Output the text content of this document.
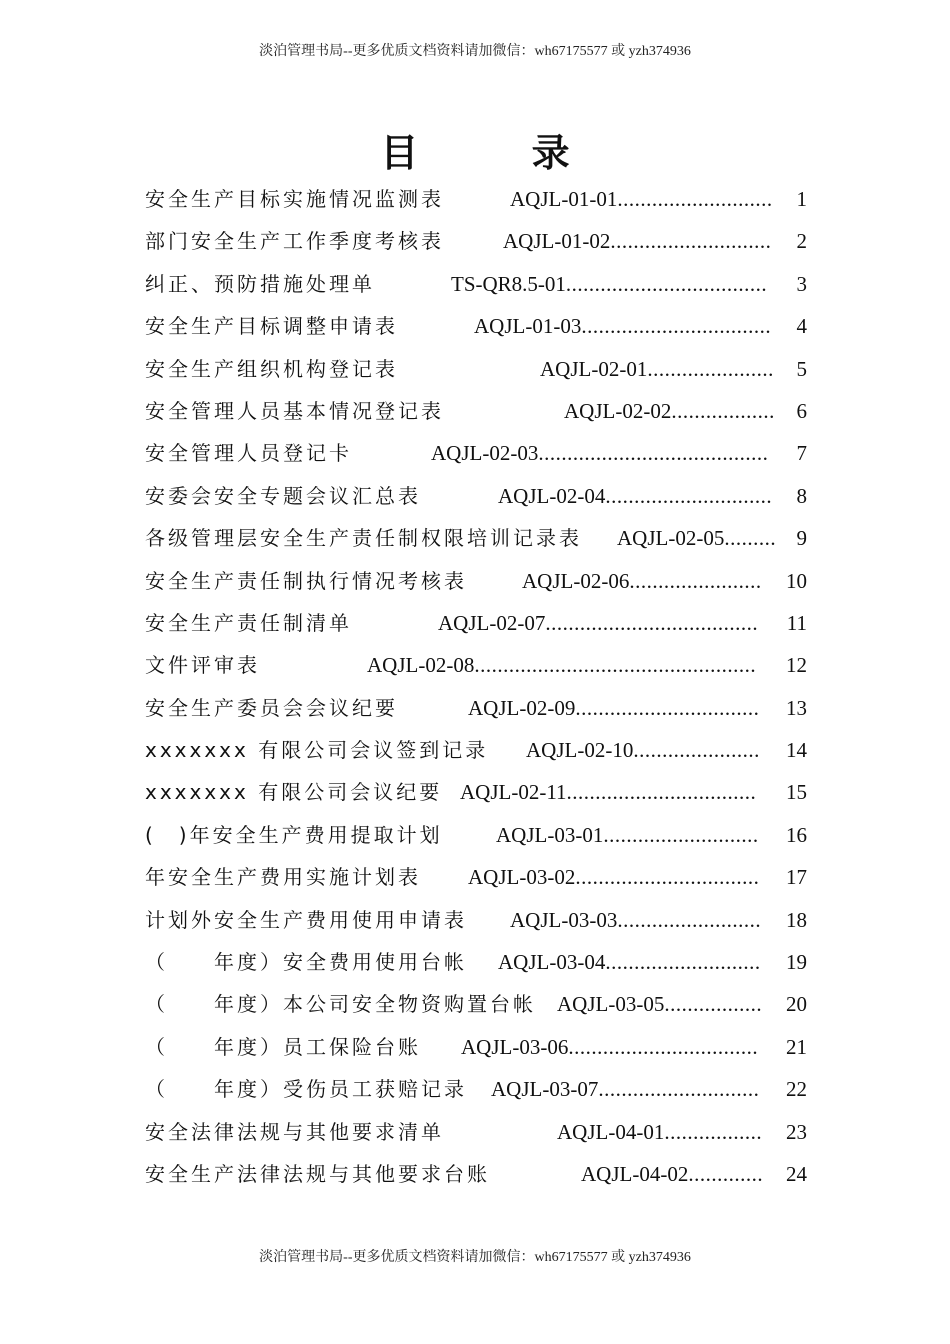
淡泊管理书局--更多优质文档资料请加微信：wh67175577 或 yzh374936
目 录
安全生产目标实施情况监测表	AQJL-01-01 ...........................	1
部门安全生产工作季度考核表	AQJL-01-02 ............................	2
纠正、预防措施处理单	TS-QR8.5-01 ...................................	3
安全生产目标调整申请表	AQJL-01-03 .................................	4
安全生产组织机构登记表	AQJL-02-01 ......................	5
安全管理人员基本情况登记表	AQJL-02-02 ..................	6
安全管理人员登记卡	AQJL-02-03 ........................................	7
安委会安全专题会议汇总表	AQJL-02-04 .............................	8
各级管理层安全生产责任制权限培训记录表 AQJL-02-05 ......... 9
安全生产责任制执行情况考核表	AQJL-02-06 .......................	10
安全生产责任制清单	AQJL-02-07 .....................................	11
文件评审表	AQJL-02-08 .................................................	12
安全生产委员会会议纪要	AQJL-02-09 ................................	13
xxxxxxx 有限公司会议签到记录 AQJL-02-10 ......................	14
xxxxxxx 有限公司会议纪要 AQJL-02-11 .................................	15
(　)年安全生产费用提取计划	AQJL-03-01 ...........................	16
年安全生产费用实施计划表 AQJL-03-02 ................................	17
计划外安全生产费用使用申请表 AQJL-03-03 .........................	18
（　　年度）安全费用使用台帐 AQJL-03-04 ...........................	19
（　　年度）本公司安全物资购置台帐 AQJL-03-05 .................	20
（　　年度）员工保险台账 AQJL-03-06 .................................	21
（　　年度）受伤员工获赔记录 AQJL-03-07 ............................	22
安全法律法规与其他要求清单	AQJL-04-01 .................	23
安全生产法律法规与其他要求台账	AQJL-04-02 .............	24
淡泊管理书局--更多优质文档资料请加微信：wh67175577 或 yzh374936
